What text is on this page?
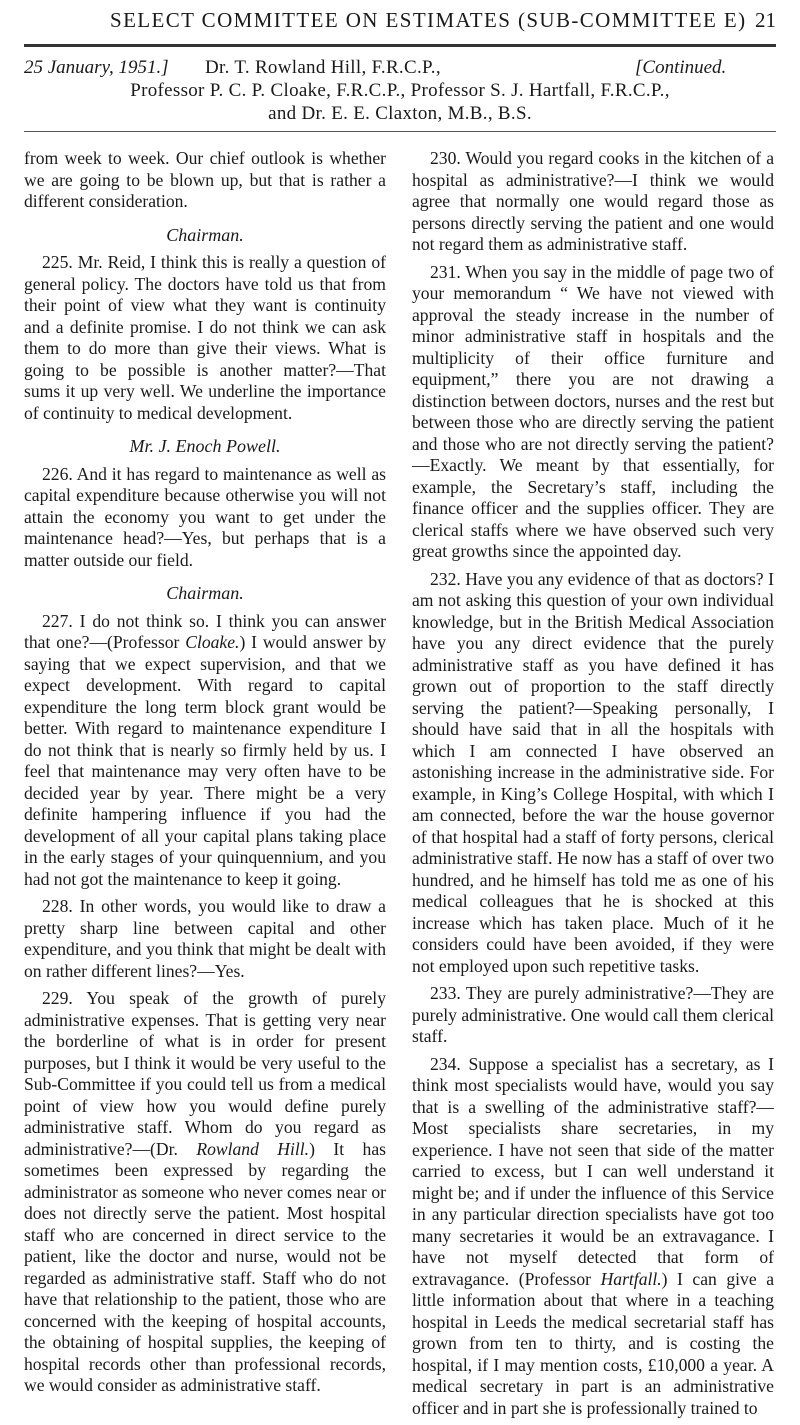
SELECT COMMITTEE ON ESTIMATES (SUB-COMMITTEE E) 21
25 January, 1951.] Dr. T. Rowland Hill, F.R.C.P.,	[Continued.
Professor P. C. P. Cloake, F.R.C.P., Professor S. J. Hartfall, F.R.C.P.,
and Dr. E. E. Claxton, M.B., B.S.

from week to week. Our chief outlook is whether we are going to be blown up, but that is rather a different consideration.

Chairman.

225. Mr. Reid, I think this is really a question of general policy. The doctors have told us that from their point of view what they want is continuity and a definite promise. I do not think we can ask them to do more than give their views. What is going to be possible is another matter?—That sums it up very well. We underline the importance of continuity to medical development.

Mr. J. Enoch Powell.

226. And it has regard to maintenance as well as capital expenditure because otherwise you will not attain the economy you want to get under the maintenance head?—Yes, but perhaps that is a matter outside our field.

Chairman.

227. I do not think so. I think you can answer that one?—(Professor Cloake.) I would answer by saying that we expect supervision, and that we expect development. With regard to capital expenditure the long term block grant would be better. With regard to maintenance expenditure I do not think that is nearly so firmly held by us. I feel that maintenance may very often have to be decided year by year. There might be a very definite hampering influence if you had the development of all your capital plans taking place in the early stages of your quinquennium, and you had not got the maintenance to keep it going.

228. In other words, you would like to draw a pretty sharp line between capital and other expenditure, and you think that might be dealt with on rather different lines?—Yes.

229. You speak of the growth of purely administrative expenses. That is getting very near the borderline of what is in order for present purposes, but I think it would be very useful to the Sub-Committee if you could tell us from a medical point of view how you would define purely administrative staff. Whom do you regard as administrative?—(Dr. Rowland Hill.) It has sometimes been expressed by regarding the administrator as someone who never comes near or does not directly serve the patient. Most hospital staff who are concerned in direct service to the patient, like the doctor and nurse, would not be regarded as administrative staff. Staff who do not have that relationship to the patient, those who are concerned with the keeping of hospital accounts, the obtaining of hospital supplies, the keeping of hospital records other than professional records, we would consider as administrative staff.

230. Would you regard cooks in the kitchen of a hospital as administrative?—I think we would agree that normally one would regard those as persons directly serving the patient and one would not regard them as administrative staff.

231. When you say in the middle of page two of your memorandum “ We have not viewed with approval the steady increase in the number of minor administrative staff in hospitals and the multiplicity of their office furniture and equipment,” there you are not drawing a distinction between doctors, nurses and the rest but between those who are directly serving the patient and those who are not directly serving the patient?—Exactly. We meant by that essentially, for example, the Secretary’s staff, including the finance officer and the supplies officer. They are clerical staffs where we have observed such very great growths since the appointed day.

232. Have you any evidence of that as doctors? I am not asking this question of your own individual knowledge, but in the British Medical Association have you any direct evidence that the purely administrative staff as you have defined it has grown out of proportion to the staff directly serving the patient?—Speaking personally, I should have said that in all the hospitals with which I am connected I have observed an astonishing increase in the administrative side. For example, in King’s College Hospital, with which I am connected, before the war the house governor of that hospital had a staff of forty persons, clerical administrative staff. He now has a staff of over two hundred, and he himself has told me as one of his medical colleagues that he is shocked at this increase which has taken place. Much of it he considers could have been avoided, if they were not employed upon such repetitive tasks.

233. They are purely administrative?—They are purely administrative. One would call them clerical staff.

234. Suppose a specialist has a secretary, as I think most specialists would have, would you say that is a swelling of the administrative staff?—Most specialists share secretaries, in my experience. I have not seen that side of the matter carried to excess, but I can well understand it might be; and if under the influence of this Service in any particular direction specialists have got too many secretaries it would be an extravagance. I have not myself detected that form of extravagance. (Professor Hartfall.) I can give a little information about that where in a teaching hospital in Leeds the medical secretarial staff has grown from ten to thirty, and is costing the hospital, if I may mention costs, £10,000 a year. A medical secretary in part is an administrative officer and in part she is professionally trained to
